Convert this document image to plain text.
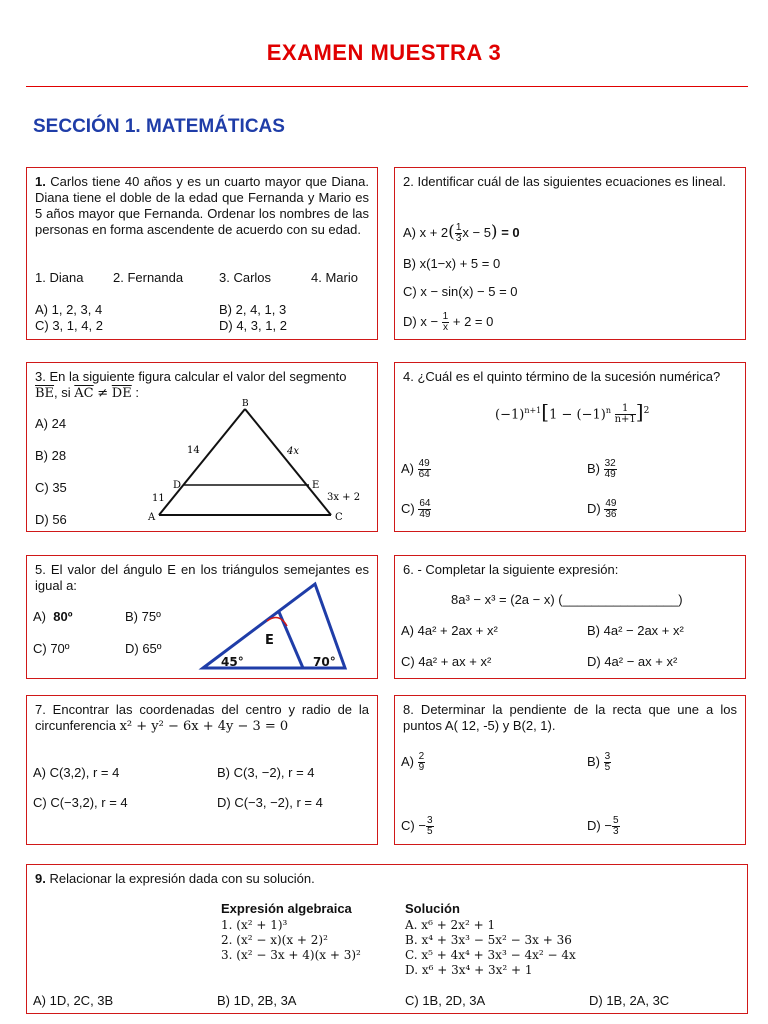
EXAMEN MUESTRA 3
SECCIÓN 1. MATEMÁTICAS
1. Carlos tiene 40 años y es un cuarto mayor que Diana. Diana tiene el doble de la edad que Fernanda y Mario es 5 años mayor que Fernanda. Ordenar los nombres de las personas en forma ascendente de acuerdo con su edad.
1. Diana 2. Fernanda	3. Carlos	4. Mario
A) 1, 2, 3, 4	B) 2, 4, 1, 3
C) 3, 1, 4, 2	D) 4, 3, 1, 2
2. Identificar cuál de las siguientes ecuaciones es lineal.
A) $x + 2( \frac{1}{3}$ x − 5) = 0
B) x(1−x) + 5 = 0
C) x − sin(x) − 5 = 0
D) $x - \frac{1}{x} + 2 = 0$
3. En la siguiente figura calcular el valor del segmento
$\overline{BE}$, si $\overline{AC} \ne \overline{DE}$ :
A) 24
B) 28
C) 35
D) 56
B
A	C
D	E
14	4x
11	3x + 2
4. ¿Cuál es el quinto término de la sucesión numérica?
$(-1)^{n+1}[1 - (-1)^n \frac{1}{n+1} ]^2$
$A) \frac{49}{64}$	$B) \frac{32}{49}$
$C) \frac{64}{49}$	$D) \frac{49}{36}$
5. El valor del ángulo E en los triángulos semejantes es igual a:
A) 80º	B) 75º
C) 70º	D) 65º
E
45°	70°
6. - Completar la siguiente expresión:
8a³ − x³ = (2a − x) (________________)
A) 4a² + 2ax + x²	B) 4a² − 2ax + x²
C) 4a² + ax + x²	D) 4a² − ax + x²
7. Encontrar las coordenadas del centro y radio de la circunferencia x² + y² − 6x + 4y − 3 = 0
A) C(3,2), r = 4	B) C(3, −2), r = 4
C) C(−3,2), r = 4	D) C(−3, −2), r = 4
8. Determinar la pendiente de la recta que une a los puntos A( 12, -5) y B(2, 1).
$A) \frac{2}{9}$	$B) \frac{3}{5}$
$C) - \frac{3}{5}$	$D) - \frac{5}{3}$
9. Relacionar la expresión dada con su solución.
Expresión algebraica
1. (x² + 1)³
2. (x² − x)(x + 2)²
3. (x² − 3x + 4)(x + 3)²
Solución
A. x⁶ + 2x² + 1
B. x⁴ + 3x³ − 5x² − 3x + 36
C. x⁵ + 4x⁴ + 3x³ − 4x² − 4x
D. x⁶ + 3x⁴ + 3x² + 1
A) 1D, 2C, 3B	B) 1D, 2B, 3A	C) 1B, 2D, 3A	D) 1B, 2A, 3C
